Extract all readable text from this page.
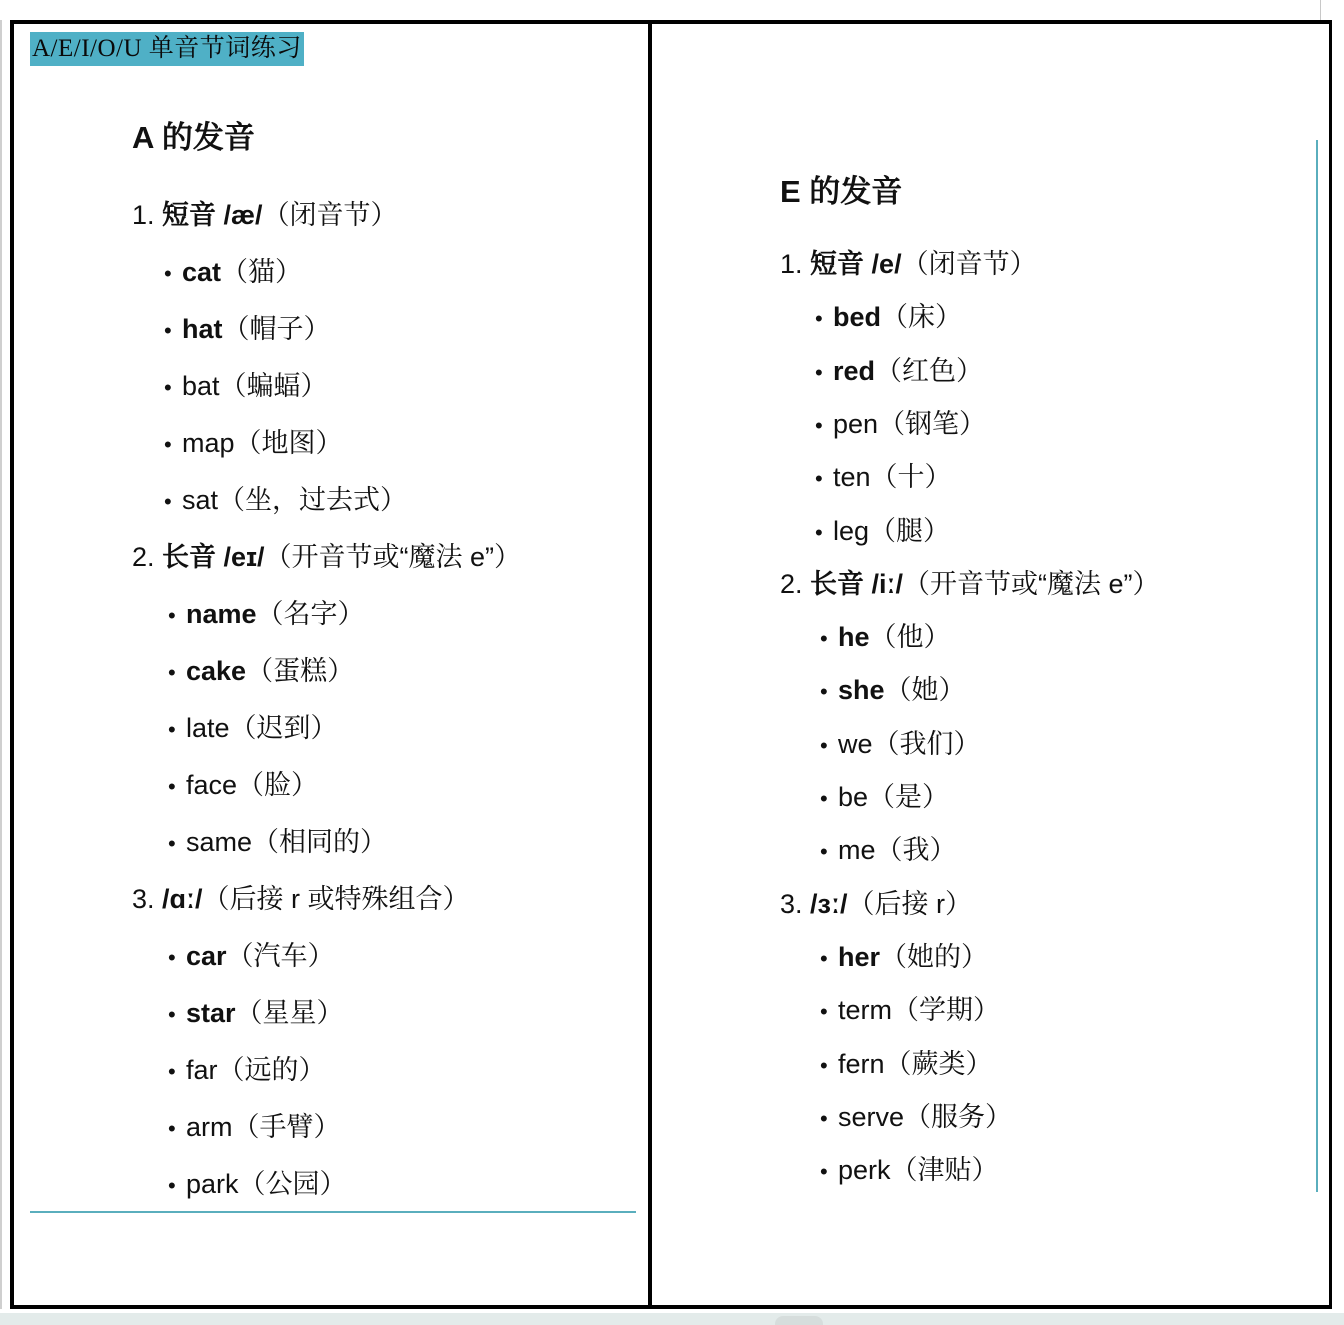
A/E/I/O/U 单音节词练习
A 的发音
1. 短音 /æ/（闭音节）
• cat（猫）
• hat（帽子）
• bat（蝙蝠）
• map（地图）
• sat（坐，过去式）
2. 长音 /eɪ/（开音节或“魔法 e”）
• name（名字）
• cake（蛋糕）
• late（迟到）
• face（脸）
• same（相同的）
3. /ɑː/（后接 r 或特殊组合）
• car（汽车）
• star（星星）
• far（远的）
• arm（手臂）
• park（公园）
E 的发音
1. 短音 /e/（闭音节）
• bed（床）
• red（红色）
• pen（钢笔）
• ten（十）
• leg（腿）
2. 长音 /iː/（开音节或“魔法 e”）
• he（他）
• she（她）
• we（我们）
• be（是）
• me（我）
3. /ɜː/（后接 r）
• her（她的）
• term（学期）
• fern（蕨类）
• serve（服务）
• perk（津贴）
